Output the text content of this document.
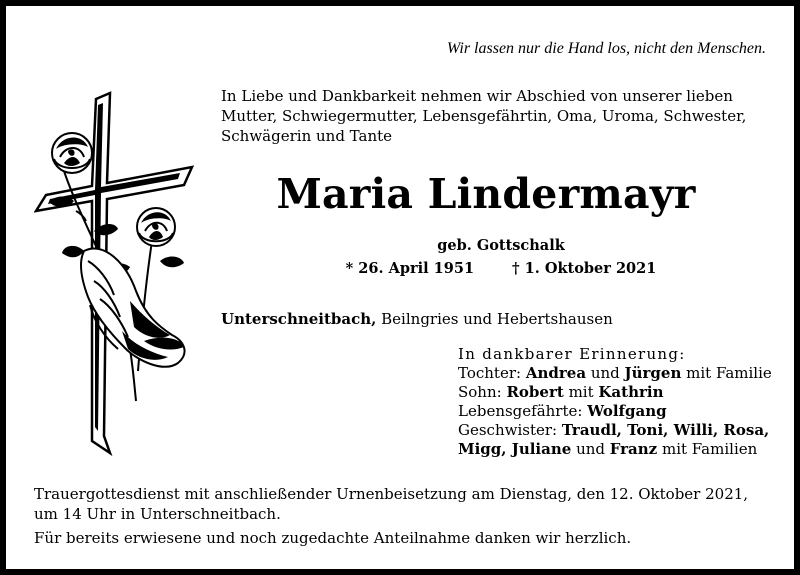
Wir lassen nur die Hand los, nicht den Menschen.
In Liebe und Dankbarkeit nehmen wir Abschied von unserer lieben
Mutter, Schwiegermutter, Lebensgefährtin, Oma, Uroma, Schwester,
Schwägerin und Tante
Maria Lindermayr
geb. Gottschalk
* 26. April 1951	† 1. Oktober 2021
Unterschneitbach, Beilngries und Hebertshausen
In dankbarer Erinnerung:
Tochter: Andrea und Jürgen mit Familie
Sohn: Robert mit Kathrin
Lebensgefährte: Wolfgang
Geschwister: Traudl, Toni, Willi, Rosa,
Migg, Juliane und Franz mit Familien
Trauergottesdienst mit anschließender Urnenbeisetzung am Dienstag, den 12. Oktober 2021,
um 14 Uhr in Unterschneitbach.
Für bereits erwiesene und noch zugedachte Anteilnahme danken wir herzlich.
